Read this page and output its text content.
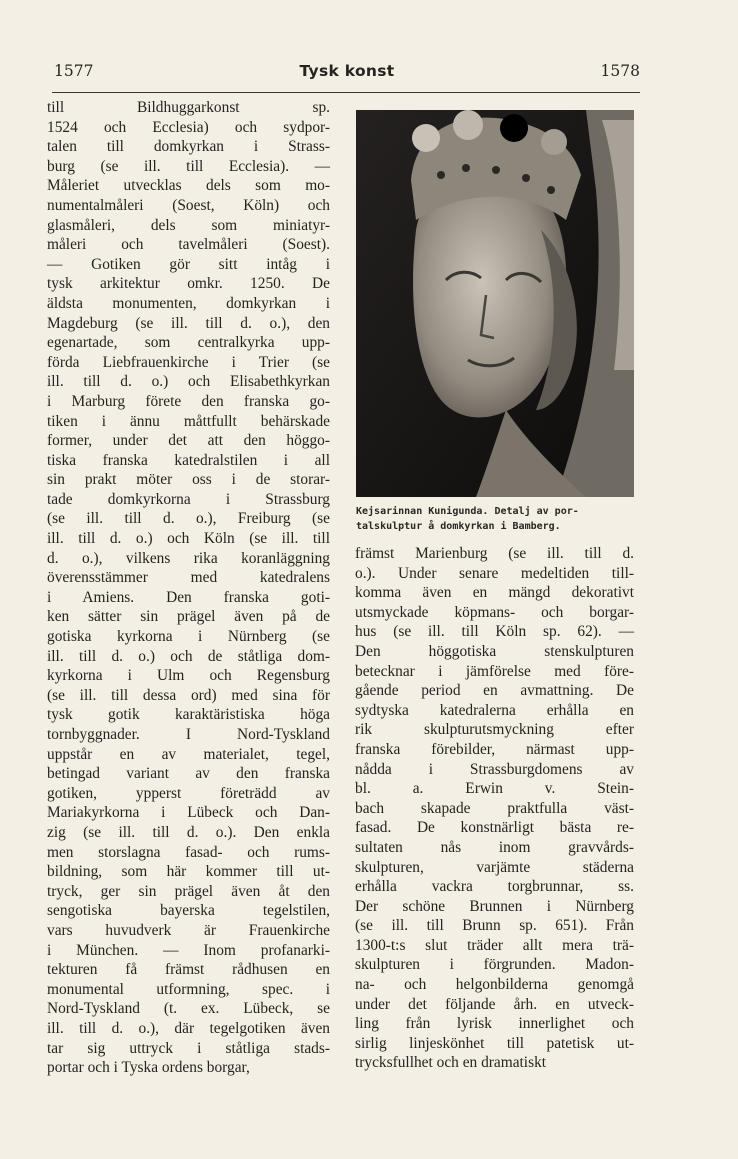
1577	Tysk konst	1578
till Bildhuggarkonst sp.
1524 och Ecclesia) och sydpor-
talen till domkyrkan i Strass-
burg (se ill. till Ecclesia). —
Måleriet utvecklas dels som mo-
numentalmåleri (Soest, Köln) och
glasmåleri, dels som miniatyr-
måleri och tavelmåleri (Soest).
— Gotiken gör sitt intåg i
tysk arkitektur omkr. 1250. De
äldsta monumenten, domkyrkan i
Magdeburg (se ill. till d. o.), den
egenartade, som centralkyrka upp-
förda Liebfrauenkirche i Trier (se
ill. till d. o.) och Elisabethkyrkan
i Marburg förete den franska go-
tiken i ännu måttfullt behärskade
former, under det att den höggo-
tiska franska katedralstilen i all
sin prakt möter oss i de storar-
tade domkyrkorna i Strassburg
(se ill. till d. o.), Freiburg (se
ill. till d. o.) och Köln (se ill. till
d. o.), vilkens rika koranläggning
överensstämmer med katedralens
i Amiens. Den franska goti-
ken sätter sin prägel även på de
gotiska kyrkorna i Nürnberg (se
ill. till d. o.) och de ståtliga dom-
kyrkorna i Ulm och Regensburg
(se ill. till dessa ord) med sina för
tysk gotik karaktäristiska höga
tornbyggnader. I Nord-Tyskland
uppstår en av materialet, tegel,
betingad variant av den franska
gotiken, ypperst företrädd av
Mariakyrkorna i Lübeck och Dan-
zig (se ill. till d. o.). Den enkla
men storslagna fasad- och rums-
bildning, som här kommer till ut-
tryck, ger sin prägel även åt den
sengotiska bayerska tegelstilen,
vars huvudverk är Frauenkirche
i München. — Inom profanarki-
tekturen få främst rådhusen en
monumental utformning, spec. i
Nord-Tyskland (t. ex. Lübeck, se
ill. till d. o.), där tegelgotiken även
tar sig uttryck i ståtliga stads-
portar och i Tyska ordens borgar,
Kejsarinnan Kunigunda. Detalj av por-
talskulptur å domkyrkan i Bamberg.
främst Marienburg (se ill. till d.
o.). Under senare medeltiden till-
komma även en mängd dekorativt
utsmyckade köpmans- och borgar-
hus (se ill. till Köln sp. 62). —
Den höggotiska stenskulpturen
betecknar i jämförelse med före-
gående period en avmattning. De
sydtyska katedralerna erhålla en
rik skulpturutsmyckning efter
franska förebilder, närmast upp-
nådda i Strassburgdomens av
bl. a. Erwin v. Stein-
bach skapade praktfulla väst-
fasad. De konstnärligt bästa re-
sultaten nås inom gravvårds-
skulpturen, varjämte städerna
erhålla vackra torgbrunnar, ss.
Der schöne Brunnen i Nürnberg
(se ill. till Brunn sp. 651). Från
1300-t:s slut träder allt mera trä-
skulpturen i förgrunden. Madon-
na- och helgonbilderna genomgå
under det följande årh. en utveck-
ling från lyrisk innerlighet och
sirlig linjeskönhet till patetisk ut-
trycksfullhet och en dramatiskt
